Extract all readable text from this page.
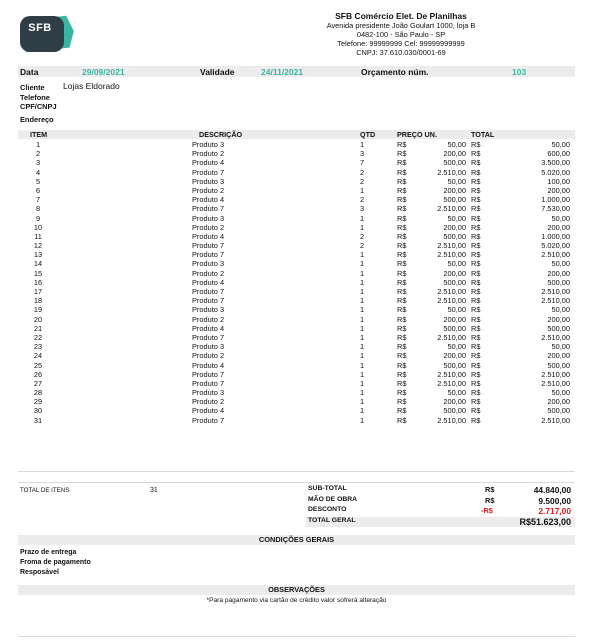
SFB
SFB Comércio Elet. De Planilhas
Avenida presidente João Goulart 1000, loja B
0482-100 - São Paulo - SP
Telefone: 99999999 Cel: 99999999999
CNPJ: 37.610.030/0001-69
Data	29/09/2021	Validade	24/11/2021	Orçamento núm.	103
Cliente Lojas Eldorado
Telefone
CPF/CNPJ
Endereço
ITEM	DESCRIÇÃO	QTD	PREÇO UN.	TOTAL
1	Produto 3	1	R$	50,00 R$	50,00
2	Produto 2	3	R$	200,00 R$	600,00
3	Produto 4	7	R$	500,00 R$	3.500,00
4	Produto 7	2	R$	2.510,00 R$	5.020,00
5	Produto 3	2	R$	50,00 R$	100,00
6	Produto 2	1	R$	200,00 R$	200,00
7	Produto 4	2	R$	500,00 R$	1.000,00
8	Produto 7	3	R$	2.510,00 R$	7.530,00
9	Produto 3	1	R$	50,00 R$	50,00
10	Produto 2	1	R$	200,00 R$	200,00
11	Produto 4	2	R$	500,00 R$	1.000,00
12	Produto 7	2	R$	2.510,00 R$	5.020,00
13	Produto 7	1	R$	2.510,00 R$	2.510,00
14	Produto 3	1	R$	50,00 R$	50,00
15	Produto 2	1	R$	200,00 R$	200,00
16	Produto 4	1	R$	500,00 R$	500,00
17	Produto 7	1	R$	2.510,00 R$	2.510,00
18	Produto 7	1	R$	2.510,00 R$	2.510,00
19	Produto 3	1	R$	50,00 R$	50,00
20	Produto 2	1	R$	200,00 R$	200,00
21	Produto 4	1	R$	500,00 R$	500,00
22	Produto 7	1	R$	2.510,00 R$	2.510,00
23	Produto 3	1	R$	50,00 R$	50,00
24	Produto 2	1	R$	200,00 R$	200,00
25	Produto 4	1	R$	500,00 R$	500,00
26	Produto 7	1	R$	2.510,00 R$	2.510,00
27	Produto 7	1	R$	2.510,00 R$	2.510,00
28	Produto 3	1	R$	50,00 R$	50,00
29	Produto 2	1	R$	200,00 R$	200,00
30	Produto 4	1	R$	500,00 R$	500,00
31	Produto 7	1	R$	2.510,00 R$	2.510,00
TOTAL DE ITENS	31	SUB-TOTAL	R$	44.840,00
MÃO DE OBRA	R$	9.500,00
DESCONTO	-R$	2.717,00
TOTAL GERAL	R$51.623,00
CONDIÇÕES GERAIS
Prazo de entrega
Froma de pagamento
Resposável
OBSERVAÇÕES
*Para pagamento via cartão de crédito valor sofrerá alteração
